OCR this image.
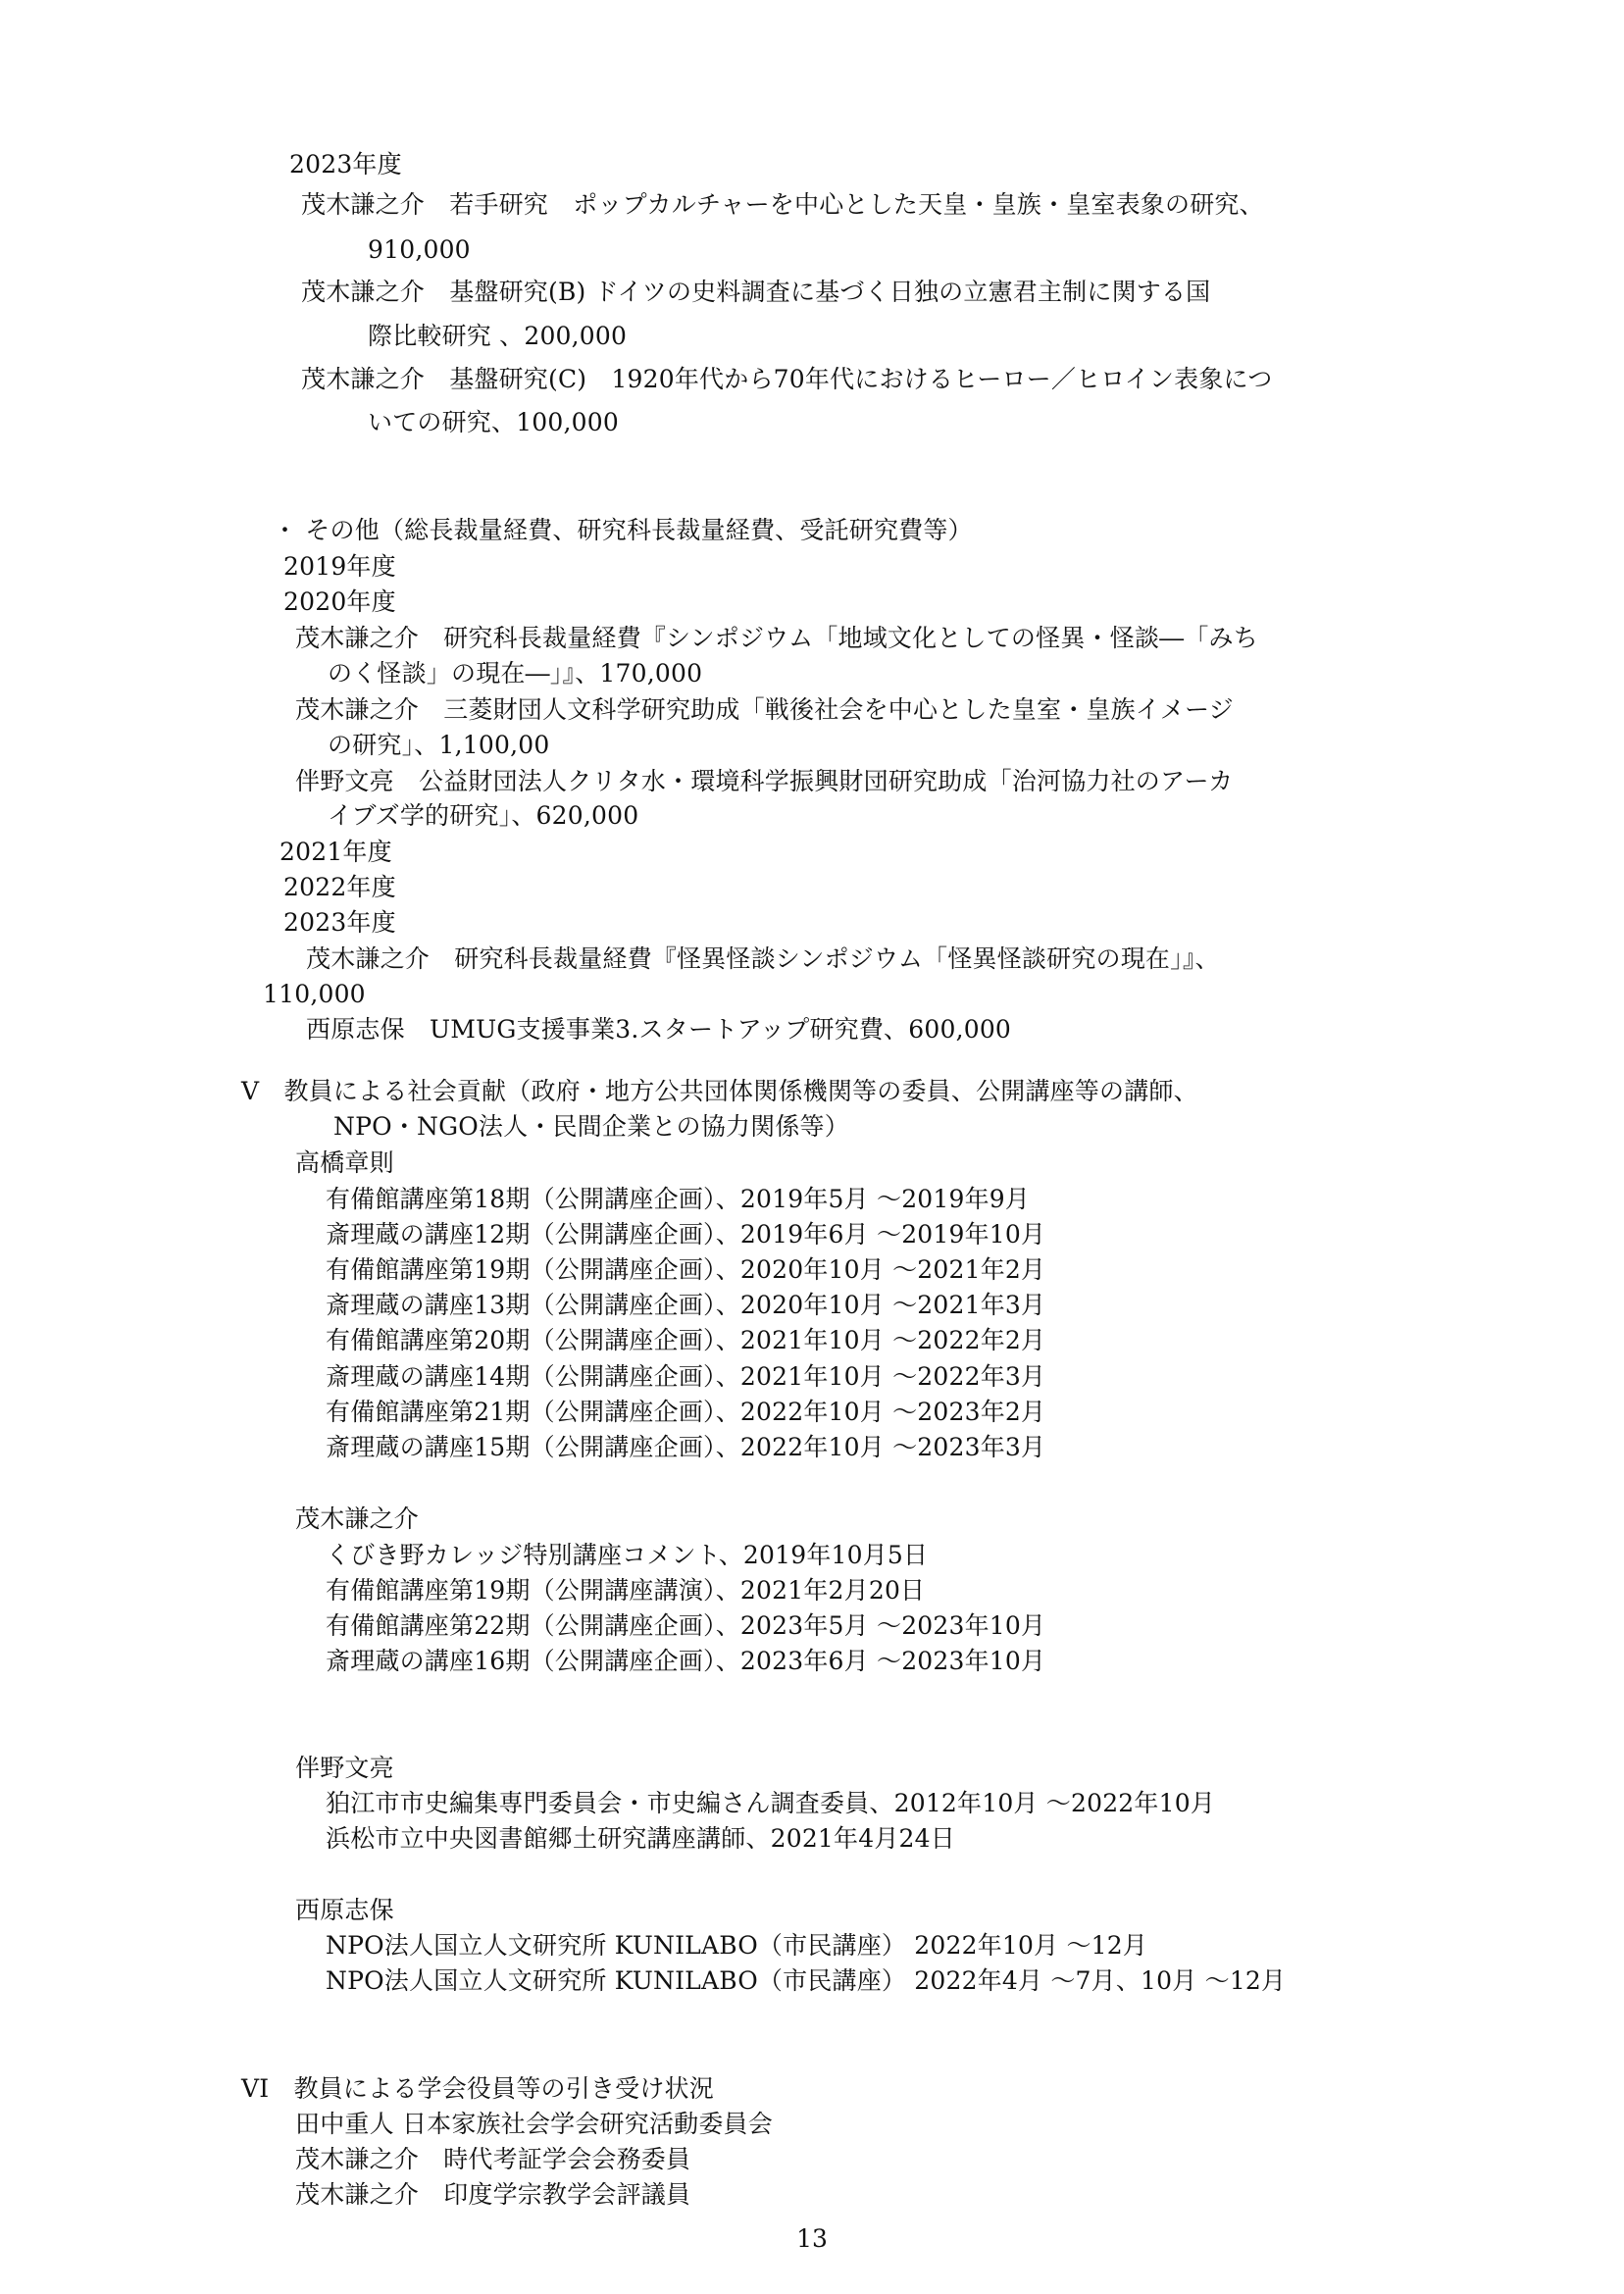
2023年度

茂木謙之介　若手研究　ポップカルチャーを中心とした天皇・皇族・皇室表象の研究、

910,000

茂木謙之介　基盤研究(B) ドイツの史料調査に基づく日独の立憲君主制に関する国

際比較研究 、200,000

茂木謙之介　基盤研究(C)　1920年代から70年代におけるヒーロー／ヒロイン表象につ

いての研究、100,000

・ その他（総長裁量経費、研究科長裁量経費、受託研究費等）

2019年度

2020年度

茂木謙之介　研究科長裁量経費『シンポジウム「地域文化としての怪異・怪談―「みち

のく怪談」の現在―」』、170,000

茂木謙之介　三菱財団人文科学研究助成「戦後社会を中心とした皇室・皇族イメージ

の研究」、1,100,00

伴野文亮　公益財団法人クリタ水・環境科学振興財団研究助成「治河協力社のアーカ

イブズ学的研究」、620,000

2021年度

2022年度

2023年度

茂木謙之介　研究科長裁量経費『怪異怪談シンポジウム「怪異怪談研究の現在」』、

110,000

西原志保　UMUG支援事業3.スタートアップ研究費、600,000

V　教員による社会貢献（政府・地方公共団体関係機関等の委員、公開講座等の講師、

NPO・NGO法人・民間企業との協力関係等）

高橋章則

有備館講座第18期（公開講座企画）、2019年5月 ～2019年9月

斎理蔵の講座12期（公開講座企画）、2019年6月 ～2019年10月

有備館講座第19期（公開講座企画）、2020年10月 ～2021年2月

斎理蔵の講座13期（公開講座企画）、2020年10月 ～2021年3月

有備館講座第20期（公開講座企画）、2021年10月 ～2022年2月

斎理蔵の講座14期（公開講座企画）、2021年10月 ～2022年3月

有備館講座第21期（公開講座企画）、2022年10月 ～2023年2月

斎理蔵の講座15期（公開講座企画）、2022年10月 ～2023年3月

茂木謙之介

くびき野カレッジ特別講座コメント、2019年10月5日

有備館講座第19期（公開講座講演）、2021年2月20日

有備館講座第22期（公開講座企画）、2023年5月 ～2023年10月

斎理蔵の講座16期（公開講座企画）、2023年6月 ～2023年10月

伴野文亮

狛江市市史編集専門委員会・市史編さん調査委員、2012年10月 ～2022年10月

浜松市立中央図書館郷土研究講座講師、2021年4月24日

西原志保

NPO法人国立人文研究所 KUNILABO（市民講座） 2022年10月 ～12月

NPO法人国立人文研究所 KUNILABO（市民講座） 2022年4月 ～7月、10月 ～12月

VI　教員による学会役員等の引き受け状況

田中重人 日本家族社会学会研究活動委員会

茂木謙之介　時代考証学会会務委員

茂木謙之介　印度学宗教学会評議員

13
